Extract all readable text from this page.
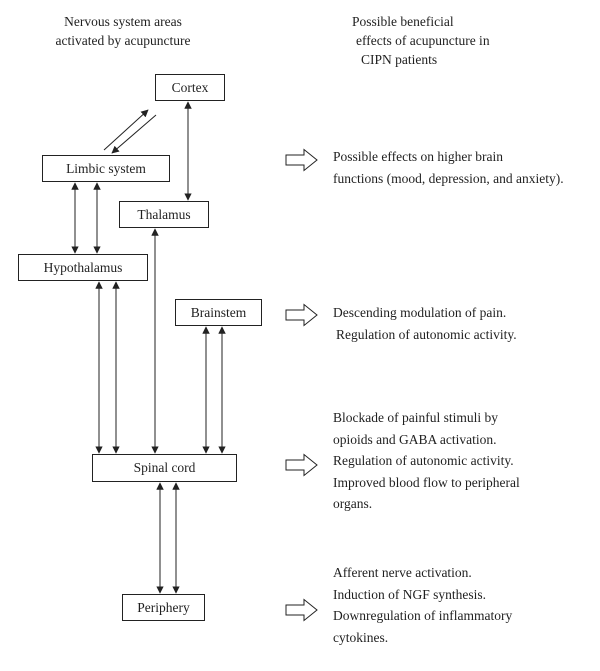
Nervous system areas
activated by acupuncture
Possible beneficial
effects of acupuncture in
CIPN patients
Cortex
Limbic system
Thalamus
Hypothalamus
Brainstem
Spinal cord
Periphery
Possible effects on higher brain
functions (mood, depression, and anxiety).
Descending modulation of pain.
Regulation of autonomic activity.
Blockade of painful stimuli by
opioids and GABA activation.
Regulation of autonomic activity.
Improved blood flow to peripheral
organs.
Afferent nerve activation.
Induction of NGF synthesis.
Downregulation of inflammatory
cytokines.
